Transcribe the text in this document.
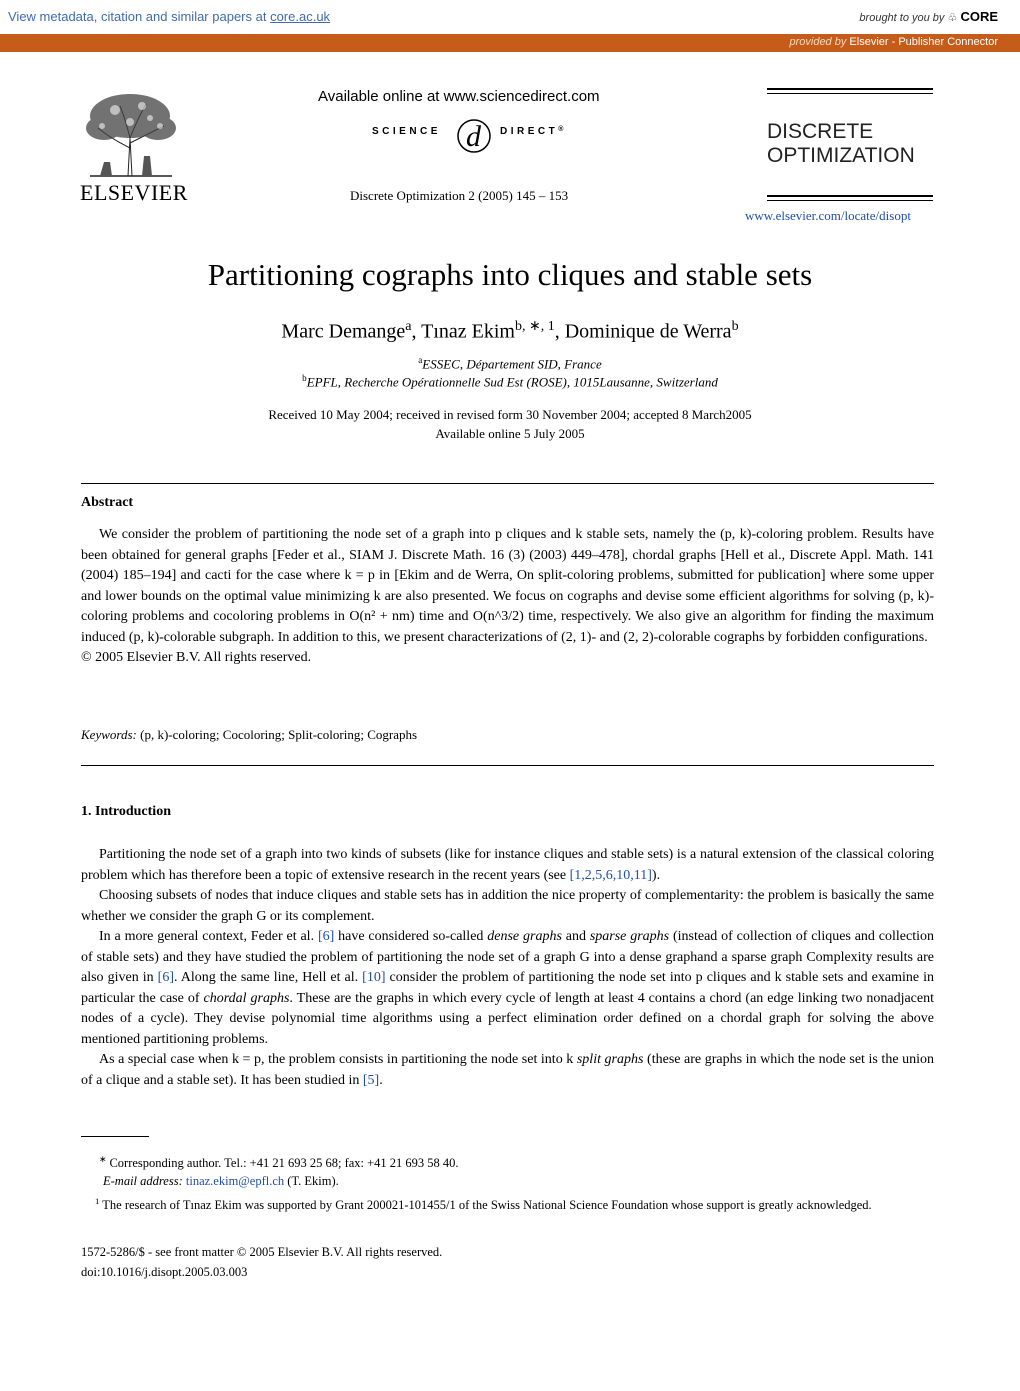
View metadata, citation and similar papers at core.ac.uk	brought to you by ♧ CORE
provided by Elsevier - Publisher Connector
ELSEVIER
Available online at www.sciencedirect.com
SCIENCE d DIRECT®
Discrete Optimization 2 (2005) 145 – 153
DISCRETE
OPTIMIZATION
www.elsevier.com/locate/disopt
Partitioning cographs into cliques and stable sets
Marc Demange$^a$, Tınaz Ekim$^{b, ∗, 1}$, Dominique de Werra$^b$
$^a$ESSEC, Département SID, France
$^b$EPFL, Recherche Opérationnelle Sud Est (ROSE), 1015Lausanne, Switzerland
Received 10 May 2004; received in revised form 30 November 2004; accepted 8 March2005
Available online 5 July 2005
Abstract

We consider the problem of partitioning the node set of a graph into p cliques and k stable sets, namely the (p, k)-coloring problem. Results have been obtained for general graphs [Feder et al., SIAM J. Discrete Math. 16 (3) (2003) 449–478], chordal graphs [Hell et al., Discrete Appl. Math. 141 (2004) 185–194] and cacti for the case where k = p in [Ekim and de Werra, On split-coloring problems, submitted for publication] where some upper and lower bounds on the optimal value minimizing k are also presented. We focus on cographs and devise some efficient algorithms for solving (p, k)-coloring problems and cocoloring problems in O(n² + nm) time and O(n^3/2) time, respectively. We also give an algorithm for finding the maximum induced (p, k)-colorable subgraph. In addition to this, we present characterizations of (2, 1)- and (2, 2)-colorable cographs by forbidden configurations.

© 2005 Elsevier B.V. All rights reserved.
Keywords: (p, k)-coloring; Cocoloring; Split-coloring; Cographs
1. Introduction

Partitioning the node set of a graph into two kinds of subsets (like for instance cliques and stable sets) is a natural extension of the classical coloring problem which has therefore been a topic of extensive research in the recent years (see [1,2,5,6,10,11]).

Choosing subsets of nodes that induce cliques and stable sets has in addition the nice property of complementarity: the problem is basically the same whether we consider the graph G or its complement.

In a more general context, Feder et al. [6] have considered so-called dense graphs and sparse graphs (instead of collection of cliques and collection of stable sets) and they have studied the problem of partitioning the node set of a graph G into a dense graphand a sparse graph Complexity results are also given in [6]. Along the same line, Hell et al. [10] consider the problem of partitioning the node set into p cliques and k stable sets and examine in particular the case of chordal graphs. These are the graphs in which every cycle of length at least 4 contains a chord (an edge linking two nonadjacent nodes of a cycle). They devise polynomial time algorithms using a perfect elimination order defined on a chordal graph for solving the above mentioned partitioning problems.

As a special case when k = p, the problem consists in partitioning the node set into k split graphs (these are graphs in which the node set is the union of a clique and a stable set). It has been studied in [5].

∗ Corresponding author. Tel.: +41 21 693 25 68; fax: +41 21 693 58 40.
E-mail address: tinaz.ekim@epfl.ch (T. Ekim).
$^1$ The research of Tınaz Ekim was supported by Grant 200021-101455/1 of the Swiss National Science Foundation whose support is greatly acknowledged.
1572-5286/$ - see front matter © 2005 Elsevier B.V. All rights reserved.
doi:10.1016/j.disopt.2005.03.003
